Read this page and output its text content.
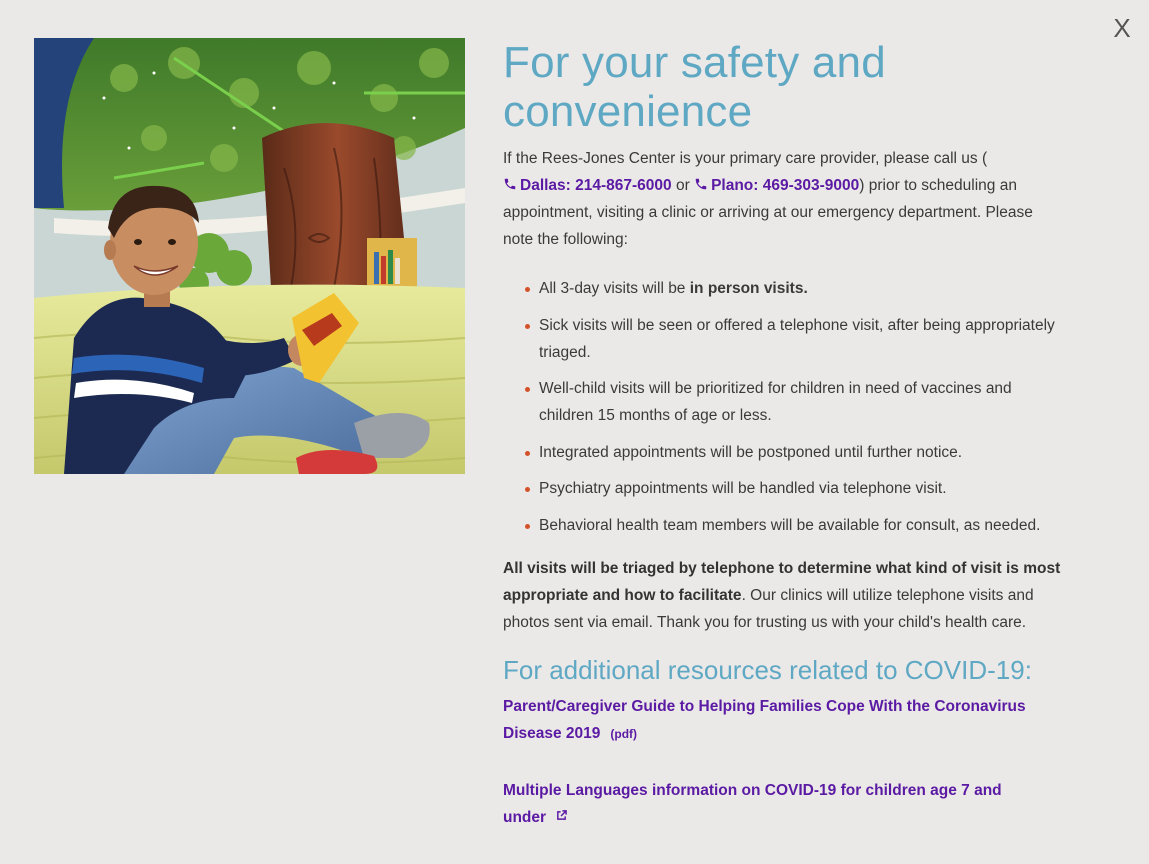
X
For your safety and convenience

If the Rees-Jones Center is your primary care provider, please call us (Dallas: 214-867-6000 or Plano: 469-303-9000) prior to scheduling an appointment, visiting a clinic or arriving at our emergency department. Please note the following:

All 3-day visits will be in person visits.
Sick visits will be seen or offered a telephone visit, after being appropriately triaged.
Well-child visits will be prioritized for children in need of vaccines and children 15 months of age or less.
Integrated appointments will be postponed until further notice.
Psychiatry appointments will be handled via telephone visit.
Behavioral health team members will be available for consult, as needed.

All visits will be triaged by telephone to determine what kind of visit is most appropriate and how to facilitate. Our clinics will utilize telephone visits and photos sent via email. Thank you for trusting us with your child's health care.

For additional resources related to COVID-19:
Parent/Caregiver Guide to Helping Families Cope With the Coronavirus Disease 2019 (pdf)
Multiple Languages information on COVID-19 for children age 7 and under
